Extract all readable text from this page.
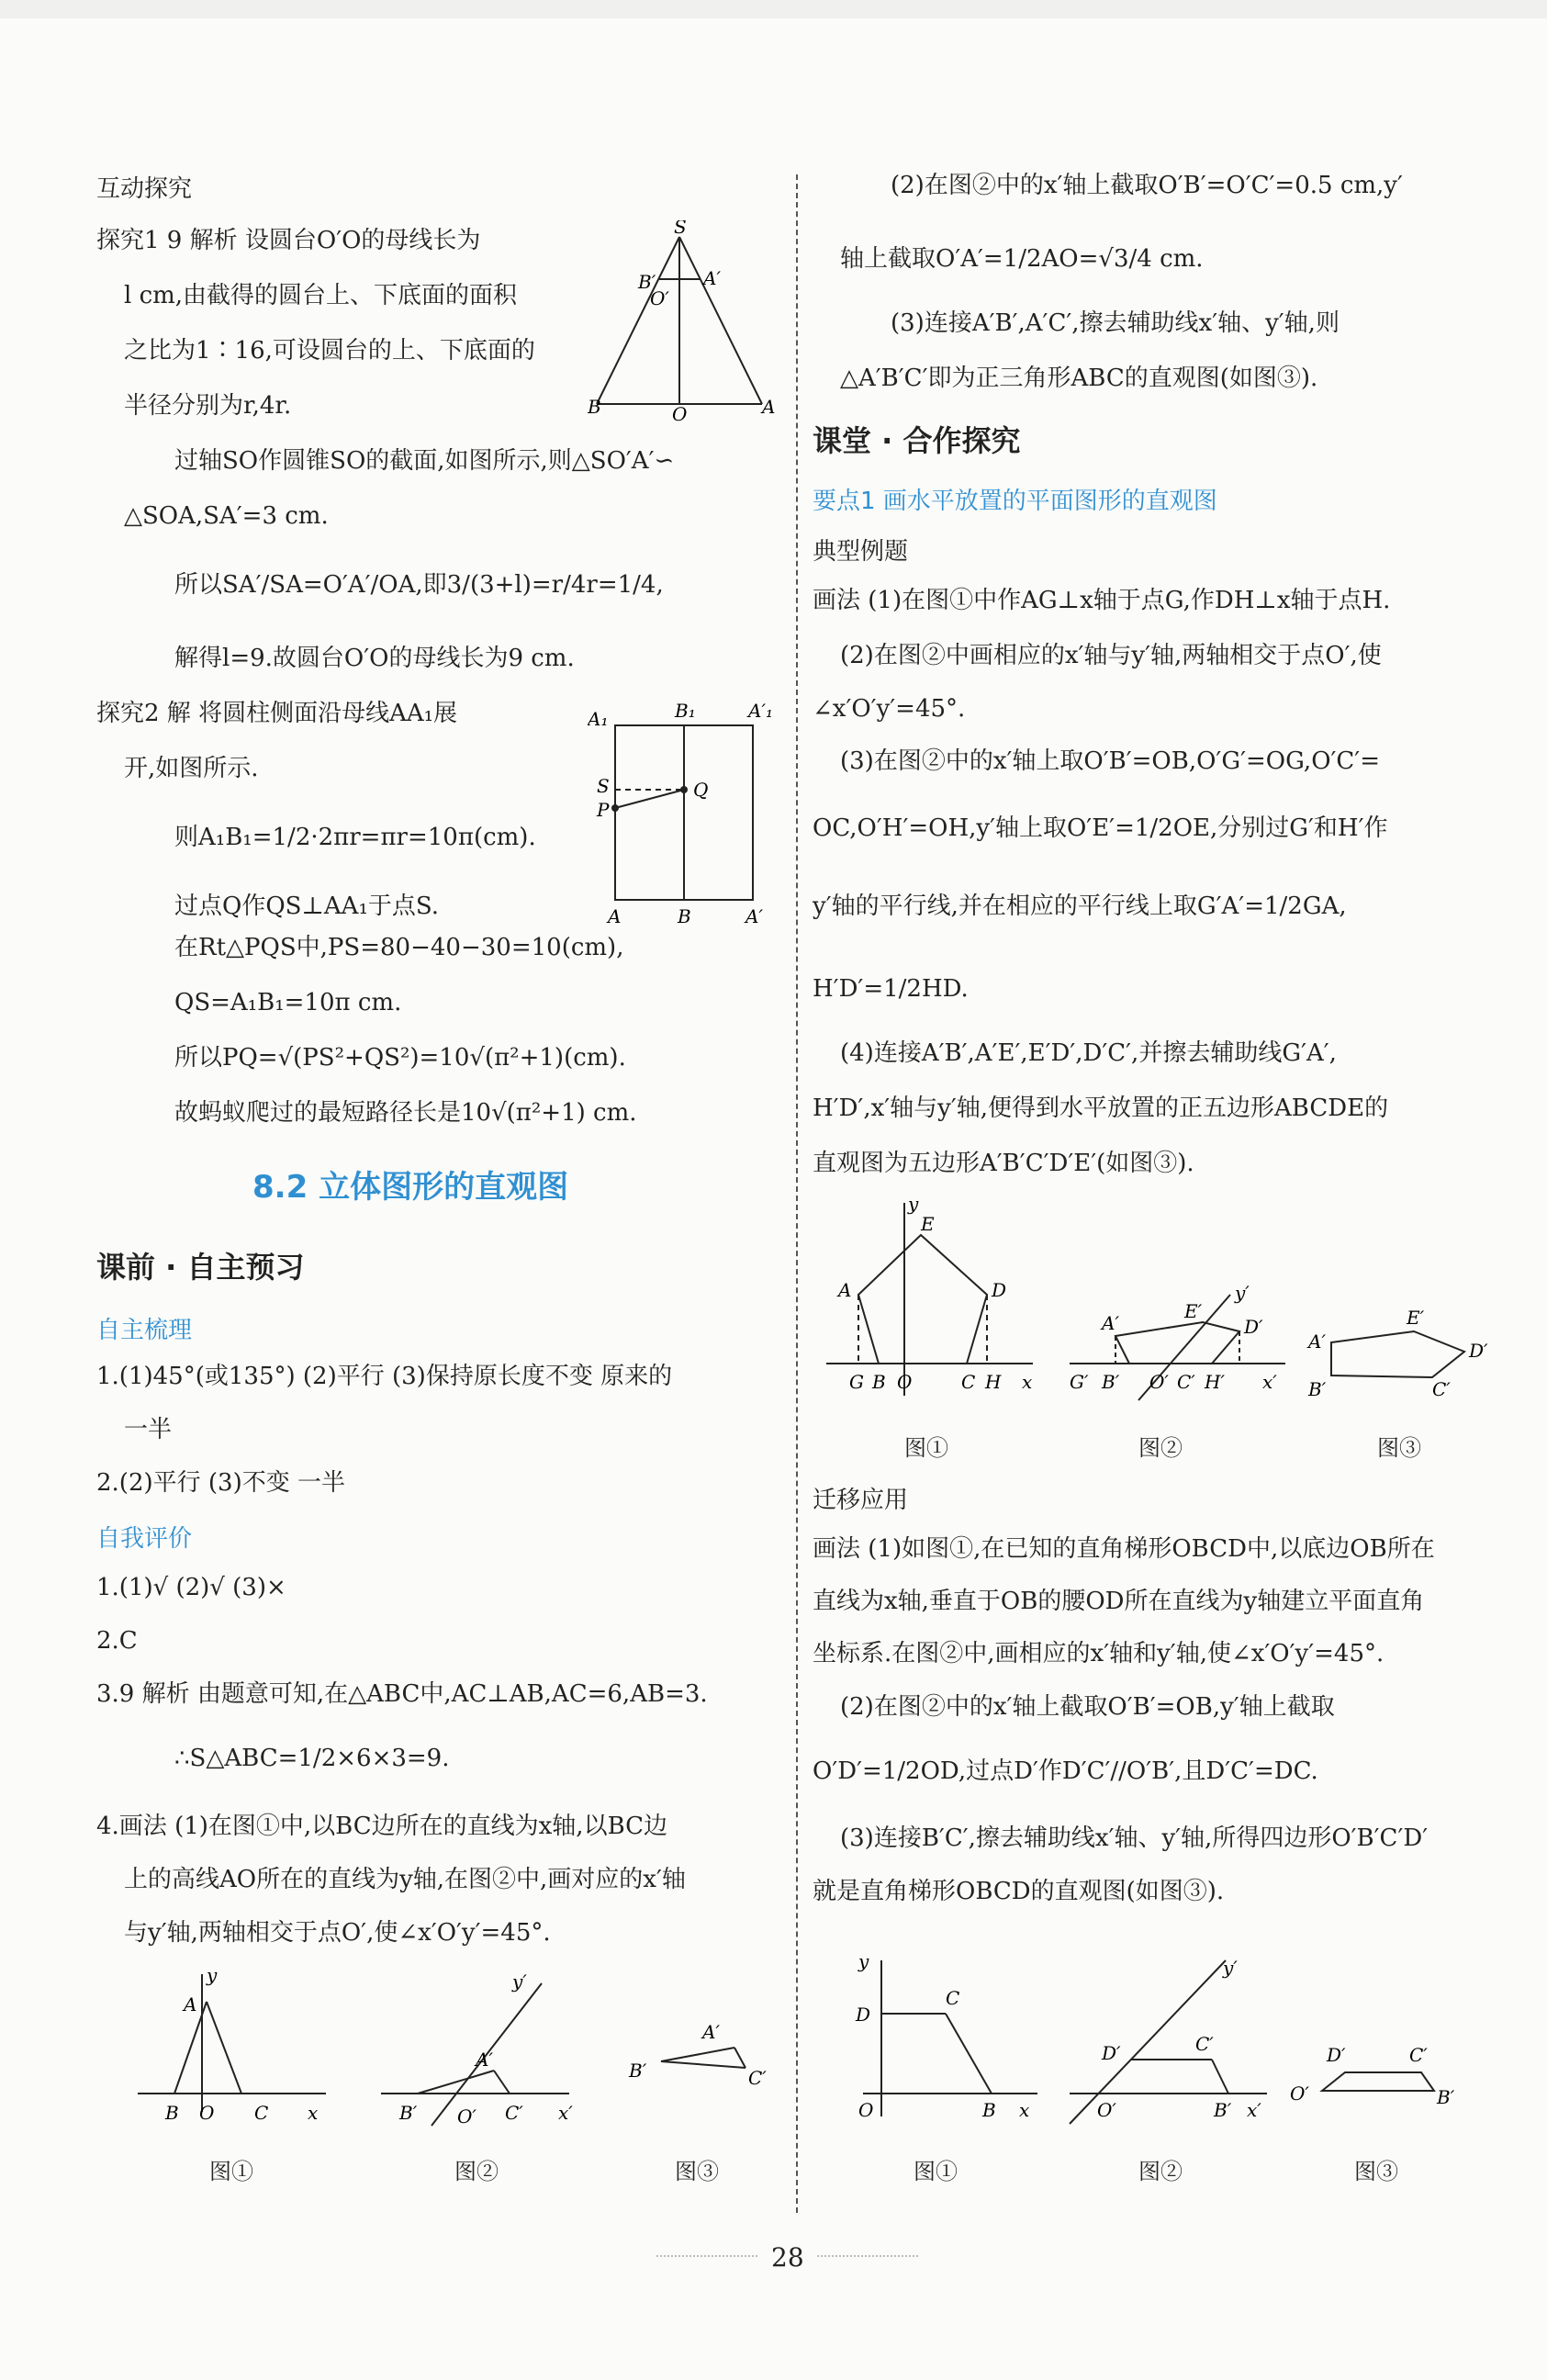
互动探究
探究1 9 解析 设圆台O′O的母线长为
l cm,由截得的圆台上、下底面的面积
之比为1∶16,可设圆台的上、下底面的
半径分别为r,4r.
S
B′	A′
O′
B	O	A
过轴SO作圆锥SO的截面,如图所示,则△SO′A′∽
△SOA,SA′=3 cm.
所以SA′/SA=O′A′/OA,即3/(3+l)=r/4r=1/4,
解得l=9.故圆台O′O的母线长为9 cm.
探究2 解 将圆柱侧面沿母线AA₁展
开,如图所示.
A₁	B₁	A′₁
S
P
Q
A	B	A′
则A₁B₁=1/2·2πr=πr=10π(cm).
过点Q作QS⊥AA₁于点S.
在Rt△PQS中,PS=80−40−30=10(cm),
QS=A₁B₁=10π cm.
所以PQ=√(PS²+QS²)=10√(π²+1)(cm).
故蚂蚁爬过的最短路径长是10√(π²+1) cm.
8.2 立体图形的直观图
课前 · 自主预习
自主梳理
1.(1)45°(或135°) (2)平行 (3)保持原长度不变 原来的
一半
2.(2)平行 (3)不变 一半
自我评价
1.(1)√ (2)√ (3)×
2.C
3.9 解析 由题意可知,在△ABC中,AC⊥AB,AC=6,AB=3.
∴S△ABC=1/2×6×3=9.
4.画法 (1)在图①中,以BC边所在的直线为x轴,以BC边
上的高线AO所在的直线为y轴,在图②中,画对应的x′轴
与y′轴,两轴相交于点O′,使∠x′O′y′=45°.
y
A
B O C x
y′
A′
B′ O′ C′ x′
A′
B′	C′
图①	图②	图③
(2)在图②中的x′轴上截取O′B′=O′C′=0.5 cm,y′
轴上截取O′A′=1/2AO=√3/4 cm.
(3)连接A′B′,A′C′,擦去辅助线x′轴、y′轴,则
△A′B′C′即为正三角形ABC的直观图(如图③).
课堂 · 合作探究
要点1 画水平放置的平面图形的直观图
典型例题
画法 (1)在图①中作AG⊥x轴于点G,作DH⊥x轴于点H.
(2)在图②中画相应的x′轴与y′轴,两轴相交于点O′,使
∠x′O′y′=45°.
(3)在图②中的x′轴上取O′B′=OB,O′G′=OG,O′C′=
OC,O′H′=OH,y′轴上取O′E′=1/2OE,分别过G′和H′作
y′轴的平行线,并在相应的平行线上取G′A′=1/2GA,
H′D′=1/2HD.
(4)连接A′B′,A′E′,E′D′,D′C′,并擦去辅助线G′A′,
H′D′,x′轴与y′轴,便得到水平放置的正五边形ABCDE的
直观图为五边形A′B′C′D′E′(如图③).
y
E
A	D
G B O	C H x
y′
E′
A′	D′
G′ B′ O′ C′ H′ x′
A′
E′
D′
B′	C′
图①	图②	图③
迁移应用
画法 (1)如图①,在已知的直角梯形OBCD中,以底边OB所在
直线为x轴,垂直于OB的腰OD所在直线为y轴建立平面直角
坐标系.在图②中,画相应的x′轴和y′轴,使∠x′O′y′=45°.
(2)在图②中的x′轴上截取O′B′=OB,y′轴上截取
O′D′=1/2OD,过点D′作D′C′//O′B′,且D′C′=DC.
(3)连接B′C′,擦去辅助线x′轴、y′轴,所得四边形O′B′C′D′
就是直角梯形OBCD的直观图(如图③).
y
D
C
O	B x
y′
D′	C′
O′	B′ x′
D′	C′
O′	B′
图①	图②	图③
28
